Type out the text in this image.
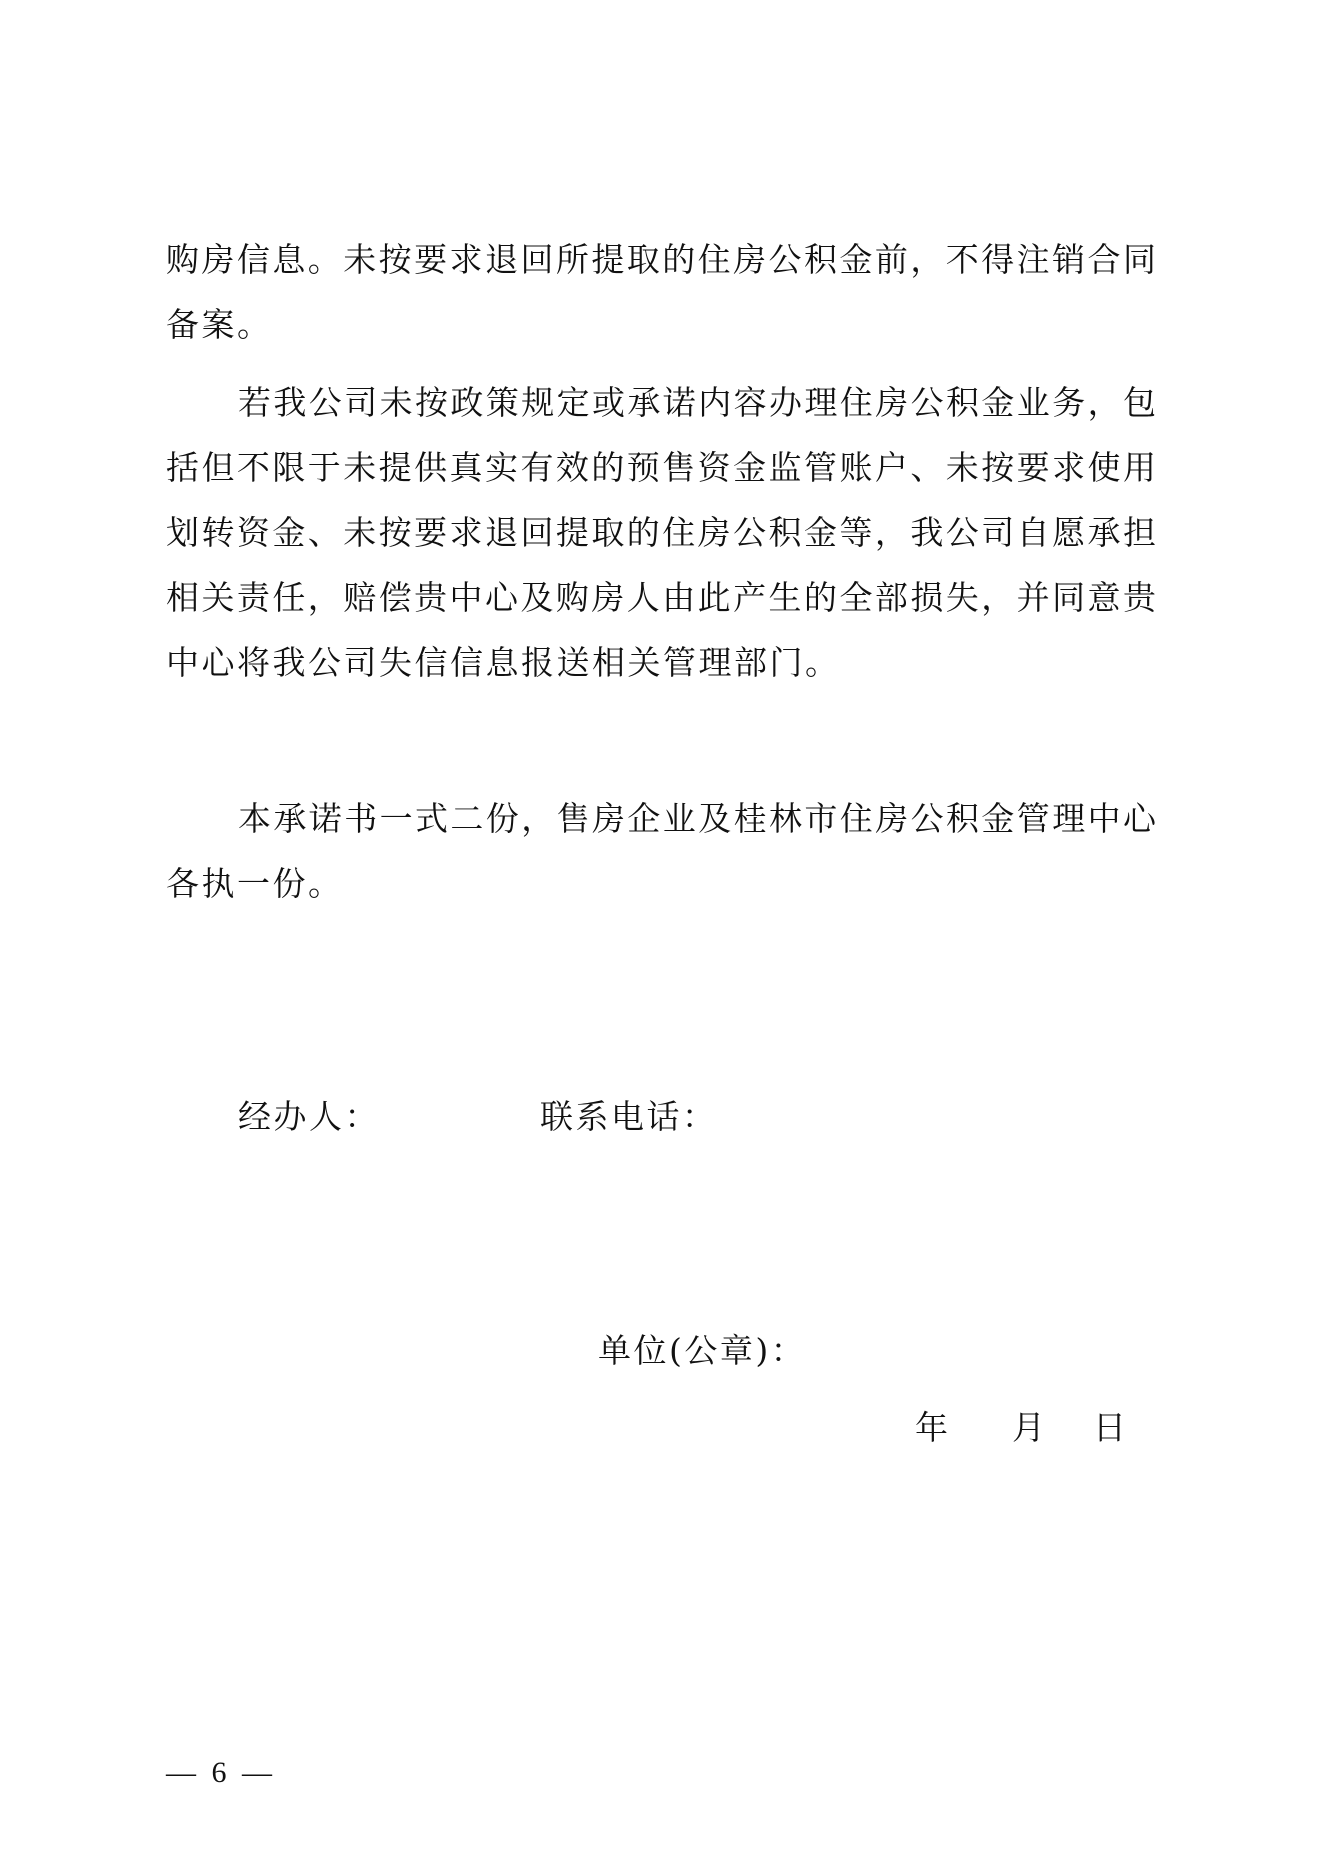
购房信息。未按要求退回所提取的住房公积金前，不得注销合同
备案。
若我公司未按政策规定或承诺内容办理住房公积金业务，包
括但不限于未提供真实有效的预售资金监管账户、未按要求使用
划转资金、未按要求退回提取的住房公积金等，我公司自愿承担
相关责任，赔偿贵中心及购房人由此产生的全部损失，并同意贵
中心将我公司失信信息报送相关管理部门。
本承诺书一式二份，售房企业及桂林市住房公积金管理中心
各执一份。
经办人：	联系电话：
单位(公章)：
年 月 日
— 6 —
